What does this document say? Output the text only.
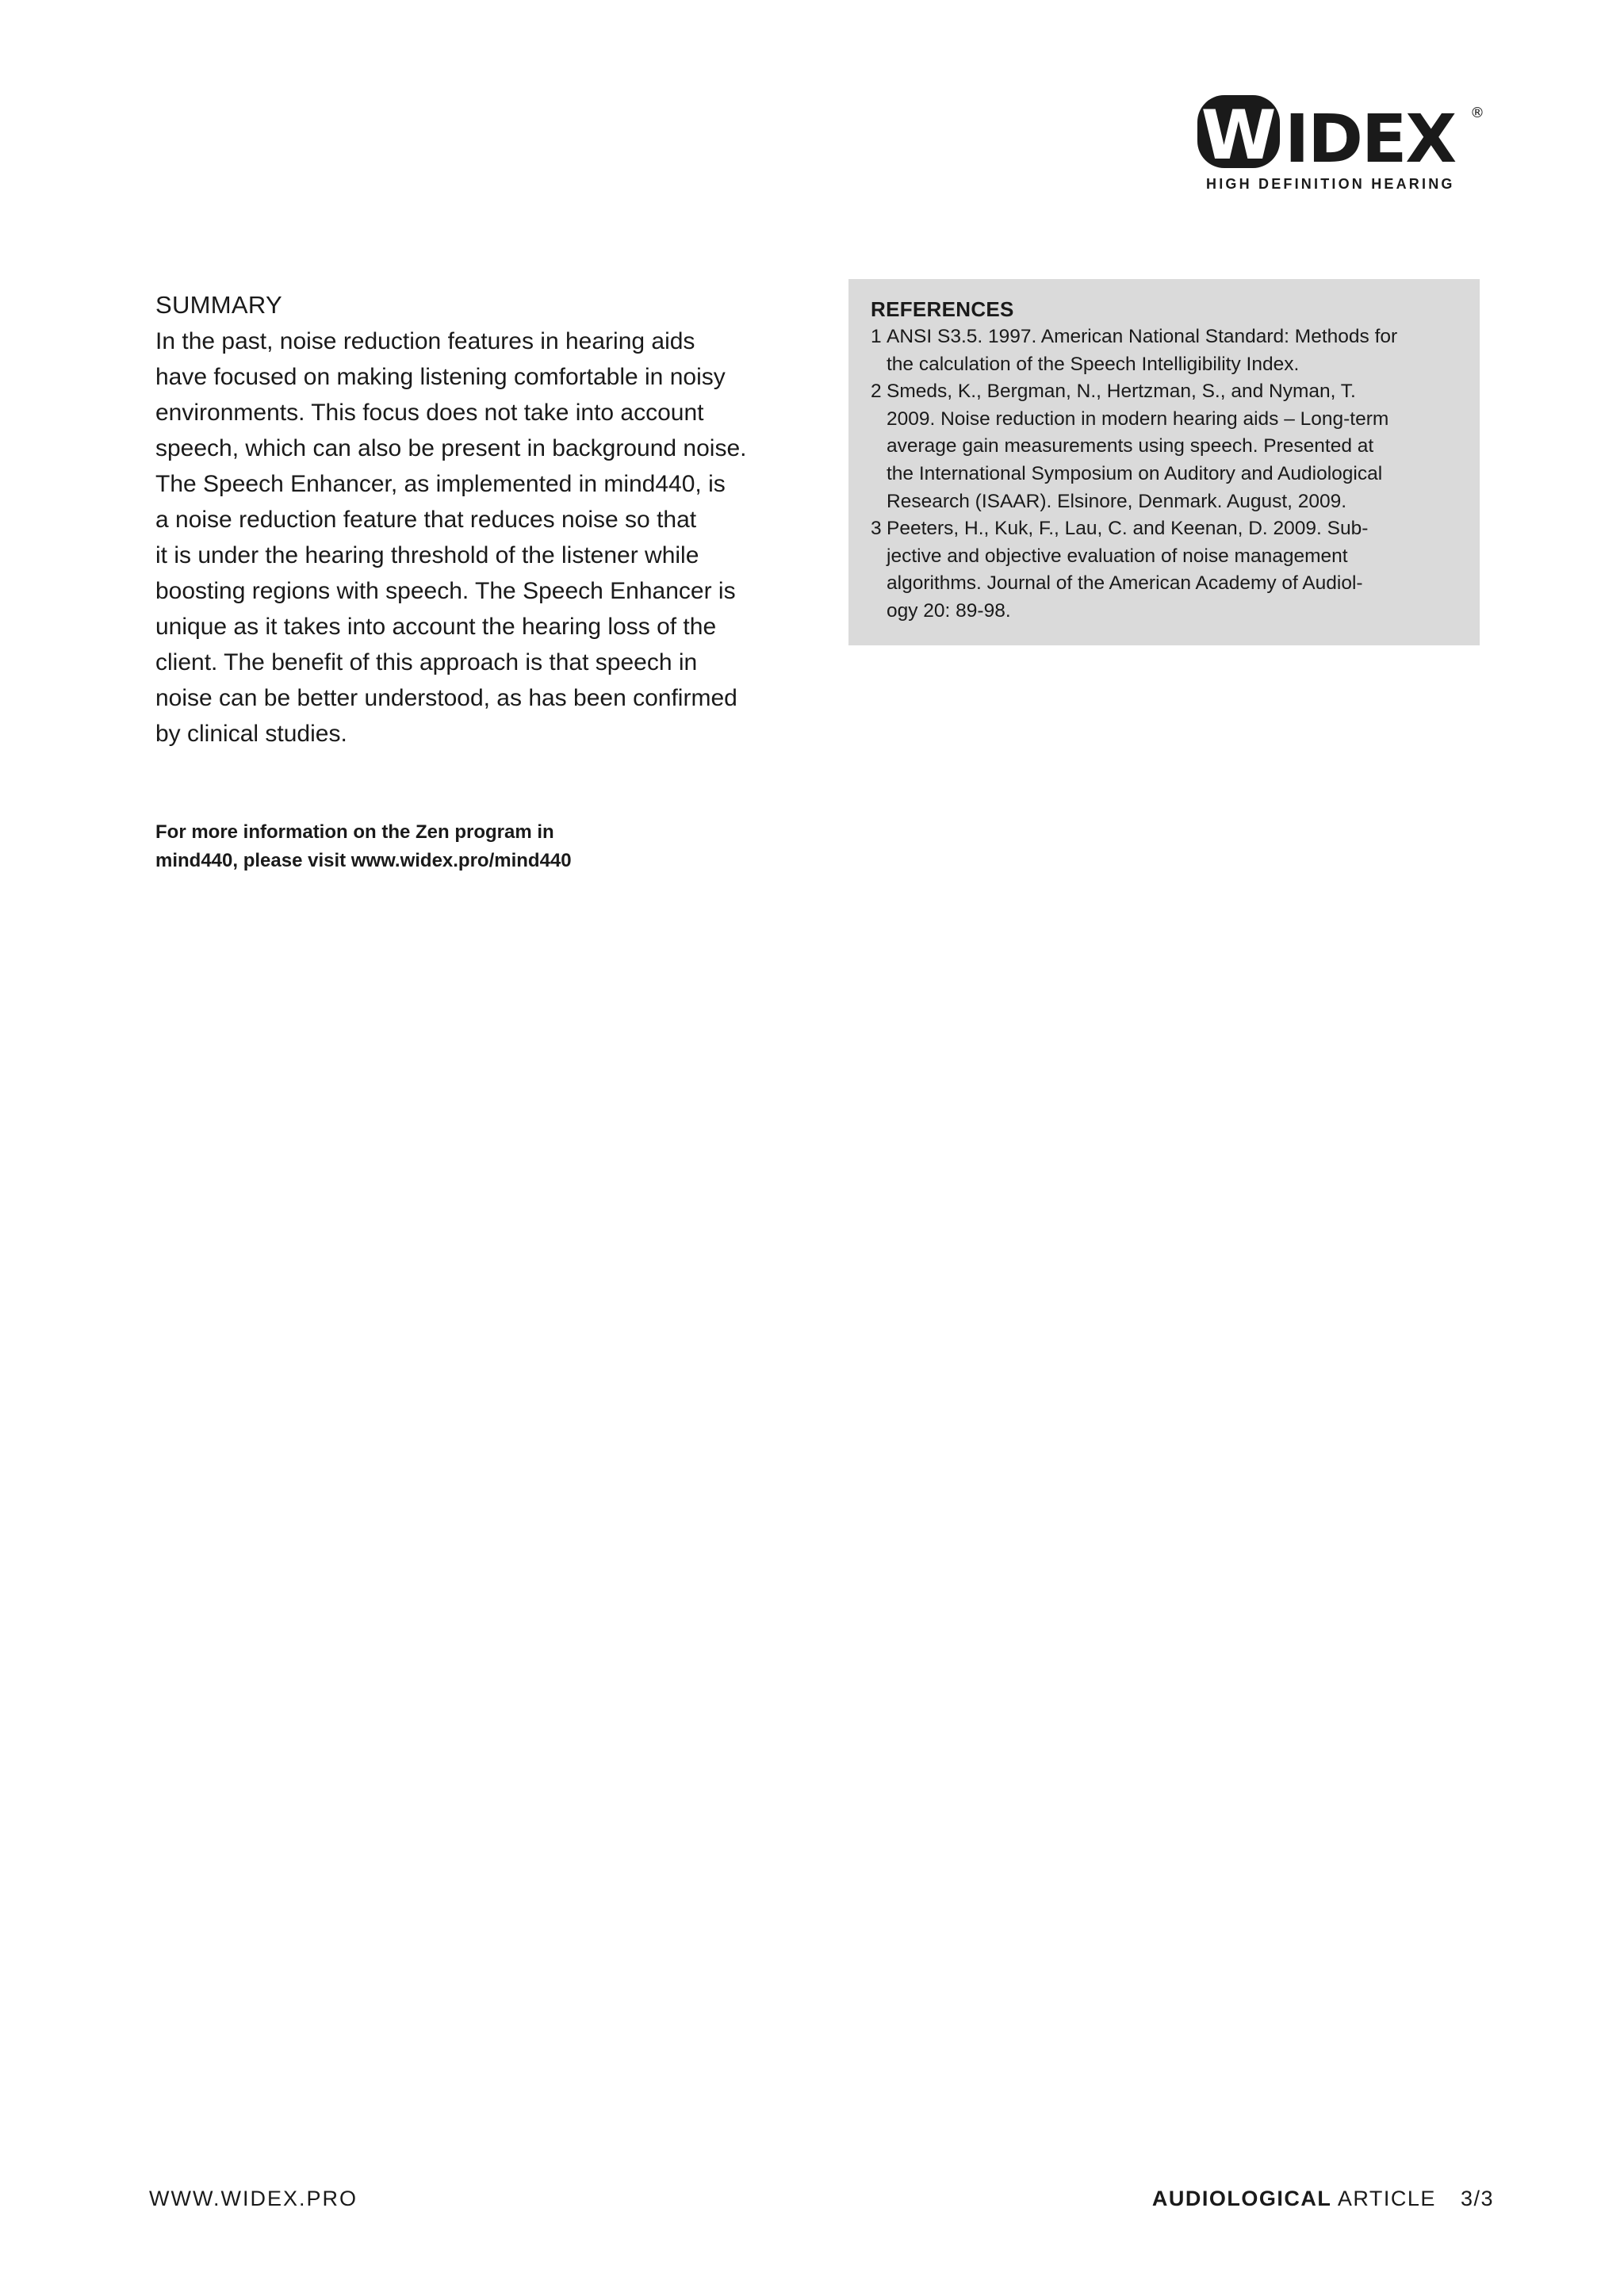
W IDEX ®
HIGH DEFINITION HEARING
SUMMARY
In the past, noise reduction features in hearing aids
have focused on making listening comfortable in noisy
environments. This focus does not take into account
speech, which can also be present in background noise.
The Speech Enhancer, as implemented in mind440, is
a noise reduction feature that reduces noise so that
it is under the hearing threshold of the listener while
boosting regions with speech. The Speech Enhancer is
unique as it takes into account the hearing loss of the
client. The benefit of this approach is that speech in
noise can be better understood, as has been confirmed
by clinical studies.
For more information on the Zen program in
mind440, please visit www.widex.pro/mind440
REFERENCES
1 ANSI S3.5. 1997. American National Standard: Methods for
the calculation of the Speech Intelligibility Index.
2 Smeds, K., Bergman, N., Hertzman, S., and Nyman, T.
2009. Noise reduction in modern hearing aids – Long-term
average gain measurements using speech. Presented at
the International Symposium on Auditory and Audiological
Research (ISAAR). Elsinore, Denmark. August, 2009.
3 Peeters, H., Kuk, F., Lau, C. and Keenan, D. 2009. Sub-
jective and objective evaluation of noise management
algorithms. Journal of the American Academy of Audiol-
ogy 20: 89-98.
WWW.WIDEX.PRO	AUDIOLOGICAL ARTICLE 3/3
